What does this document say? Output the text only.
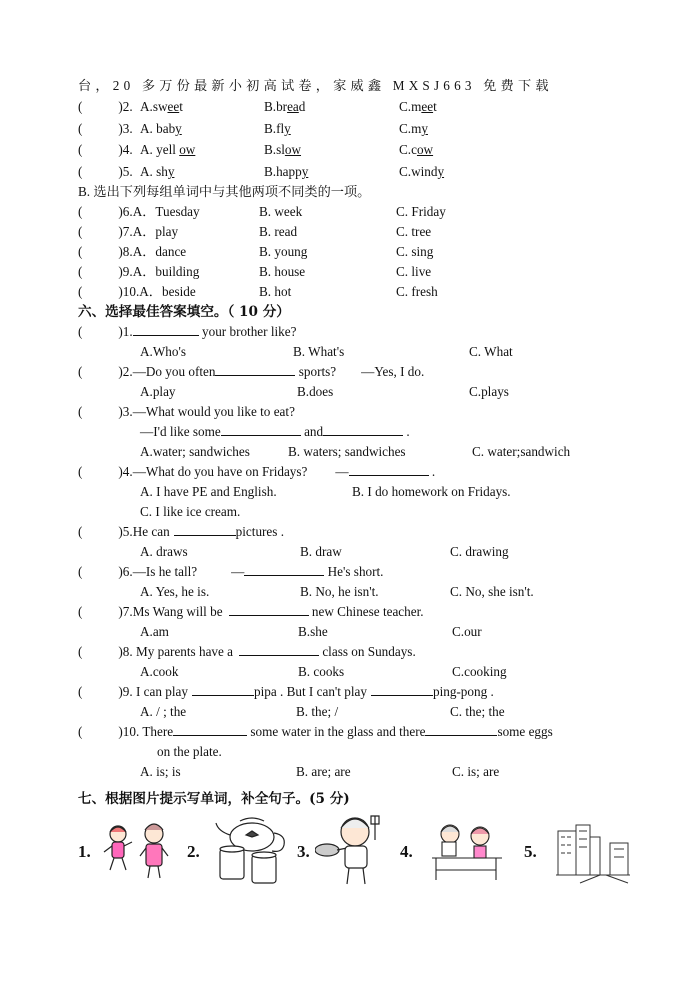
台，20 多万份最新小初高试卷，家威鑫 MXSJ663 免费下载
(	)2. A.sweet	B.bread	C.meet
(	)3. A. baby	B.fly	C.my
(	)4. A. yell ow	B.slow	C.cow
(	)5. A. shy	B.happy	C.windy
B. 选出下列每组单词中与其他两项不同类的一项。
(	)6.A．Tuesday	B. week	C. Friday
(	)7.A．play	B. read	C. tree
(	)8.A．dance	B. young	C. sing
(	)9.A．building	B. house	C. live
(	)10.A．beside	B. hot	C. fresh
六、选择最佳答案填空。（ 10 分）
(	)1.	your brother like?
A.Who's	B. What's	C. What
(	)2.—Do you often	sports? —Yes, I do.
A.play	B.does	C.plays
(	)3.—What would you like to eat?
—I'd like some	and	.
A.water; sandwiches	B. waters; sandwiches	C. water;sandwich
(	)4.—What do you have on Fridays? —	.
A. I have PE and English.	B. I do homework on Fridays.
C. I like ice cream.
(	)5.He can	pictures .
A. draws	B. draw	C. drawing
(	)6.—Is he tall?	—	He's short.
A. Yes, he is.	B. No, he isn't.	C. No, she isn't.
(	)7.Ms Wang will be	new Chinese teacher.
A.am	B.she	C.our
(	)8. My parents have a	class on Sundays.
A.cook	B. cooks	C.cooking
(	)9. I can play	pipa . But I can't play	ping-pong .
A. / ; the	B. the; /	C. the; the
(	)10. There	some water in the glass and there	some eggs
on the plate.
A. is; is	B. are; are	C. is; are
七、根据图片提示写单词，补全句子。(5 分)
1.	2.	3.	4.	5.
